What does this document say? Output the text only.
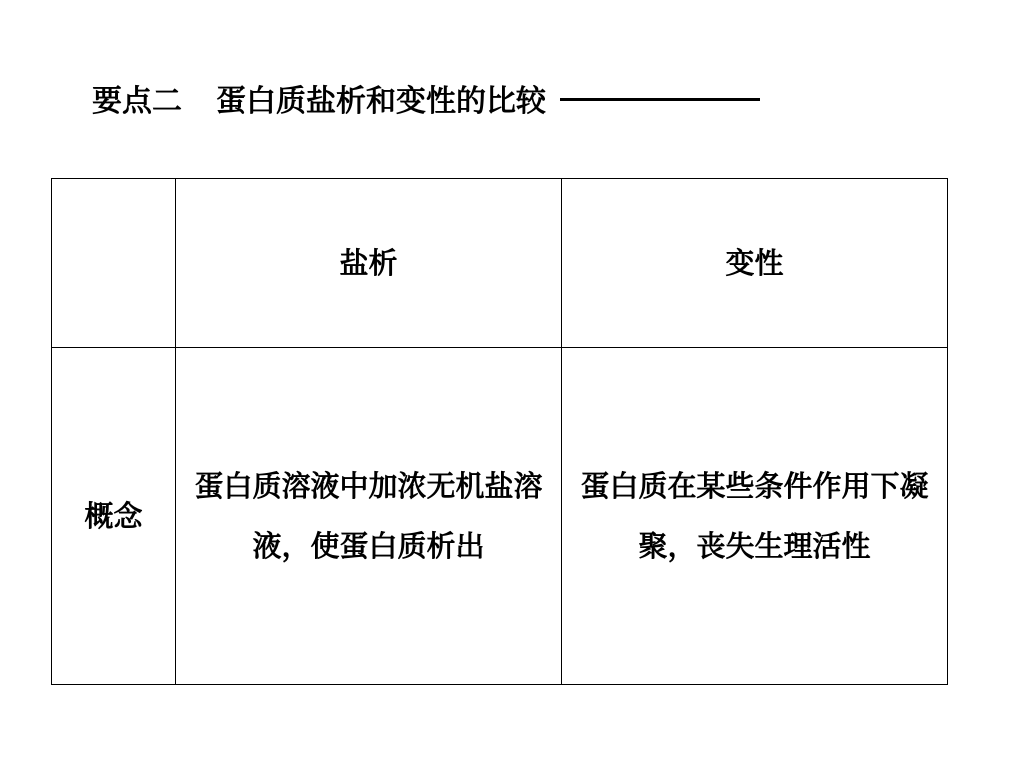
要点二 蛋白质盐析和变性的比较
	盐析	变性
概念	蛋白质溶液中加浓无机盐溶液，使蛋白质析出	蛋白质在某些条件作用下凝聚，丧失生理活性
